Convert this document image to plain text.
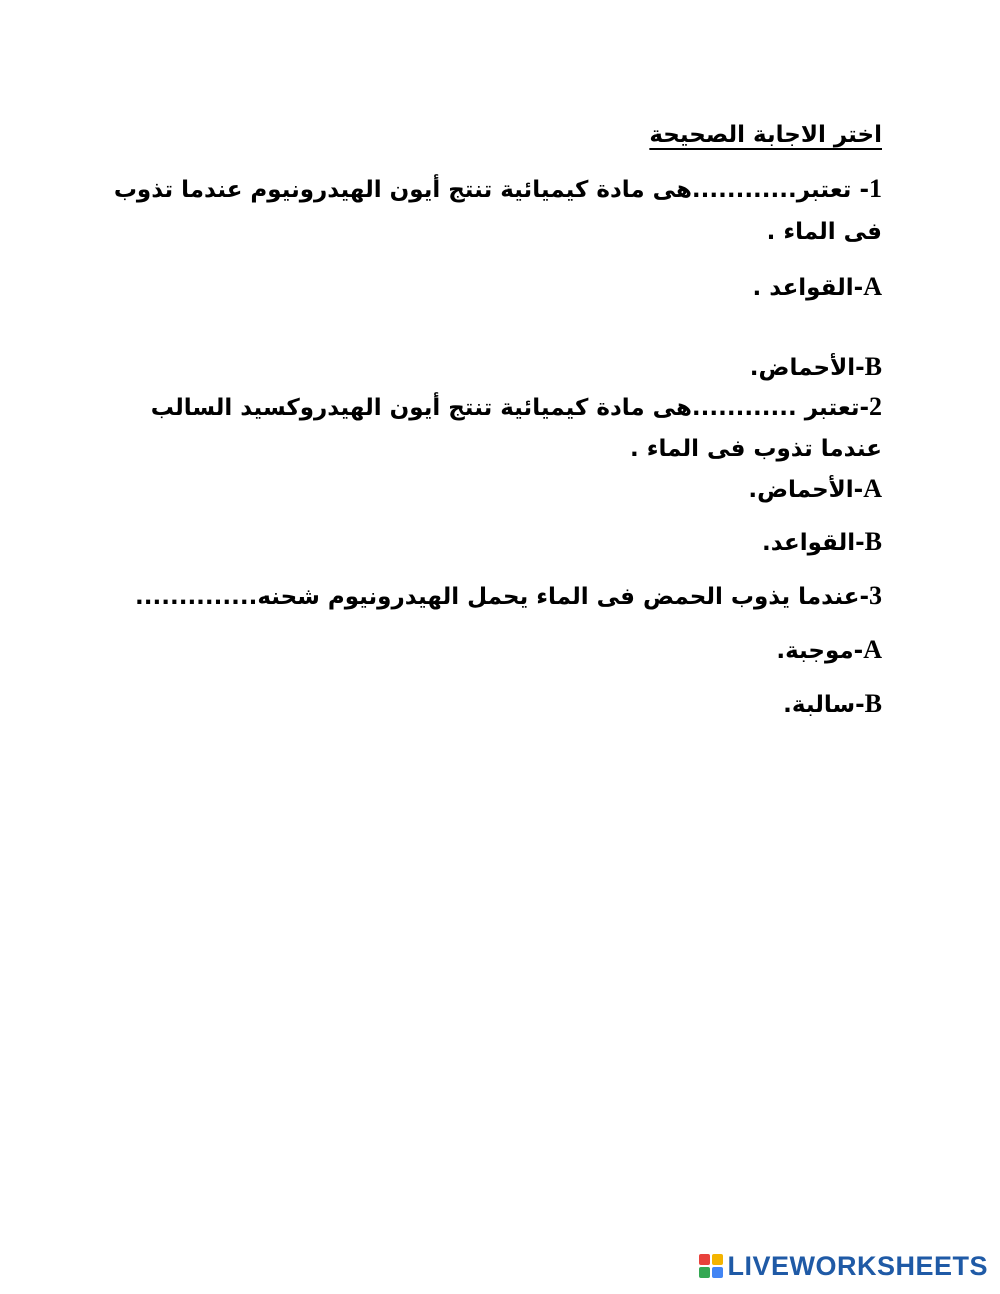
اختر الاجابة الصحيحة
1- تعتبر............هى مادة كيميائية تنتج أيون الهيدرونيوم عندما تذوب
فى الماء .
A-القواعد .
B-الأحماض.
2-تعتبر ............هى مادة كيميائية تنتج أيون الهيدروكسيد السالب
عندما تذوب فى الماء .
A-الأحماض.
B-القواعد.
3-عندما يذوب الحمض فى الماء يحمل الهيدرونيوم شحنه..............
A-موجبة.
B-سالبة.
LIVEWORKSHEETS
